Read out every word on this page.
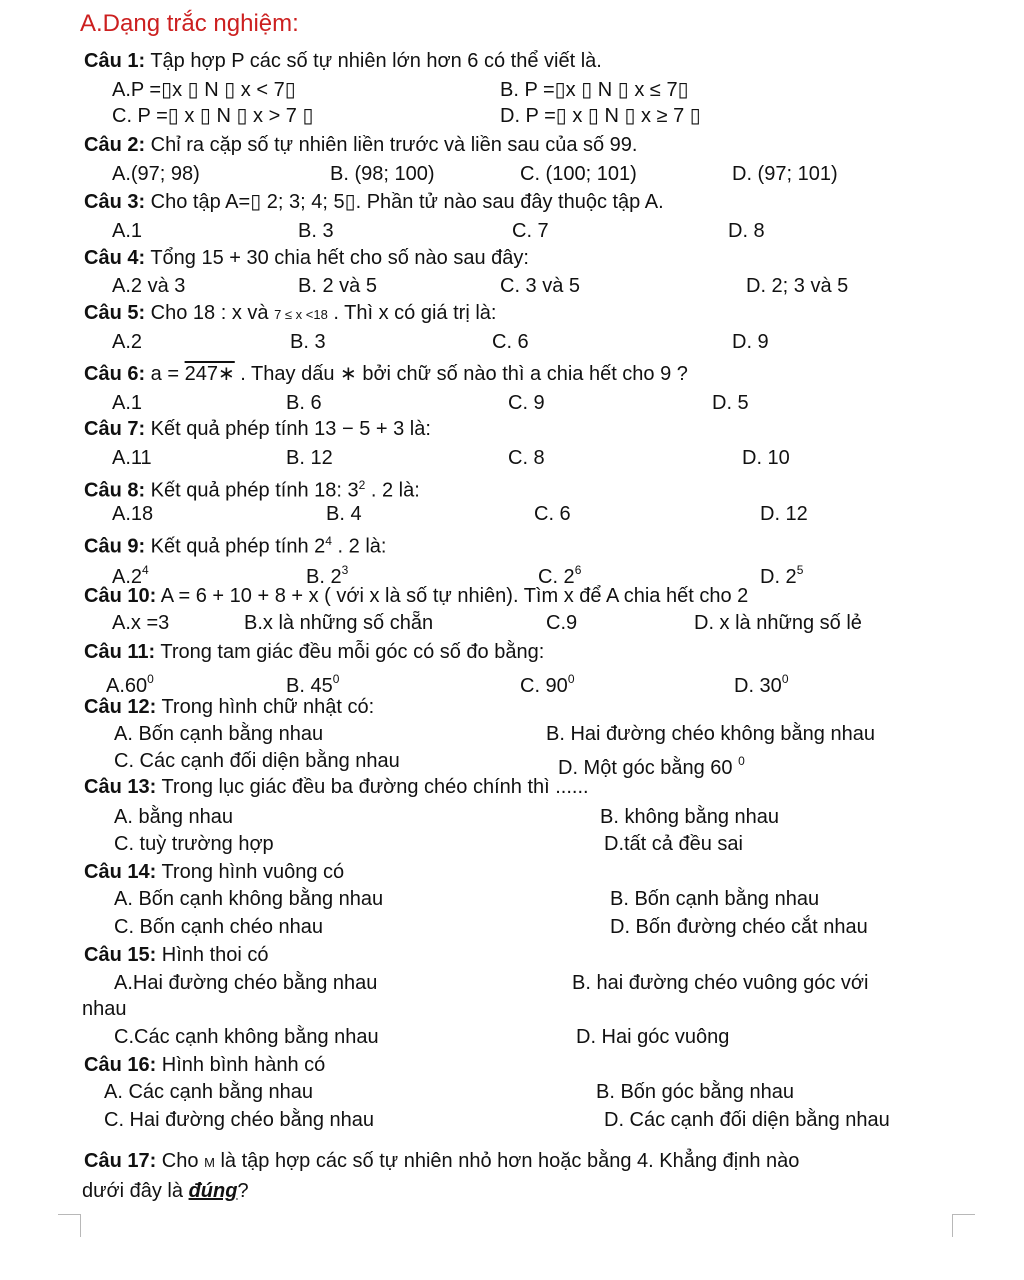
A.Dạng trắc nghiệm:
Câu 1: Tập hợp P các số tự nhiên lớn hơn 6 có thể viết là.
A.P =▯x ▯ N ▯ x < 7▯	B. P =▯x ▯ N ▯ x ≤ 7▯
C. P =▯ x ▯ N ▯ x > 7 ▯	D. P =▯ x ▯ N ▯ x ≥ 7 ▯
Câu 2: Chỉ ra cặp số tự nhiên liền trước và liền sau của số 99.
A.(97; 98)	B. (98; 100)	C. (100; 101)	D. (97; 101)
Câu 3: Cho tập A=▯ 2; 3; 4; 5▯. Phần tử nào sau đây thuộc tập A.
A.1	B. 3	C. 7	D. 8
Câu 4: Tổng 15 + 30 chia hết cho số nào sau đây:
A.2 và 3	B. 2 và 5	C. 3 và 5	D. 2; 3 và 5
Câu 5: Cho 18 : x và 7 ≤ x <18 . Thì x có giá trị là:
A.2	B. 3	C. 6	D. 9
Câu 6: a = 247∗ . Thay dấu ∗ bởi chữ số nào thì a chia hết cho 9 ?
A.1	B. 6	C. 9	D. 5
Câu 7: Kết quả phép tính 13 − 5 + 3 là:
A.11	B. 12	C. 8	D. 10
Câu 8: Kết quả phép tính 18: $3^2$ . 2 là:
A.18	B. 4	C. 6	D. 12
Câu 9: Kết quả phép tính $2^4$ . 2 là:
$A.2^4$	B. $2^3$	C. $2^6$	D. $2^5$
Câu 10: A = 6 + 10 + 8 + x ( với x là số tự nhiên). Tìm x để A chia hết cho 2
A.x =3	B.x là những số chẵn	C.9	D. x là những số lẻ
Câu 11: Trong tam giác đều mỗi góc có số đo bằng:
$A.60^0$	B. $45^0$	C. $90^0$	D. $30^0$
Câu 12: Trong hình chữ nhật có:
A. Bốn cạnh bằng nhau	B. Hai đường chéo không bằng nhau
C. Các cạnh đối diện bằng nhau	D. Một góc bằng 60 $^0$
Câu 13: Trong lục giác đều ba đường chéo chính thì ......
A. bằng nhau	B. không bằng nhau
C. tuỳ trường hợp	D.tất cả đều sai
Câu 14: Trong hình vuông có
A. Bốn cạnh không bằng nhau	B. Bốn cạnh bằng nhau
C. Bốn cạnh chéo nhau	D. Bốn đường chéo cắt nhau
Câu 15: Hình thoi có
A.Hai đường chéo bằng nhau	B. hai đường chéo vuông góc với
nhau
C.Các cạnh không bằng nhau	D. Hai góc vuông
Câu 16: Hình bình hành có
A. Các cạnh bằng nhau	B. Bốn góc bằng nhau
C. Hai đường chéo bằng nhau	D. Các cạnh đối diện bằng nhau
Câu 17: Cho M là tập hợp các số tự nhiên nhỏ hơn hoặc bằng 4. Khẳng định nào
dưới đây là đúng?
